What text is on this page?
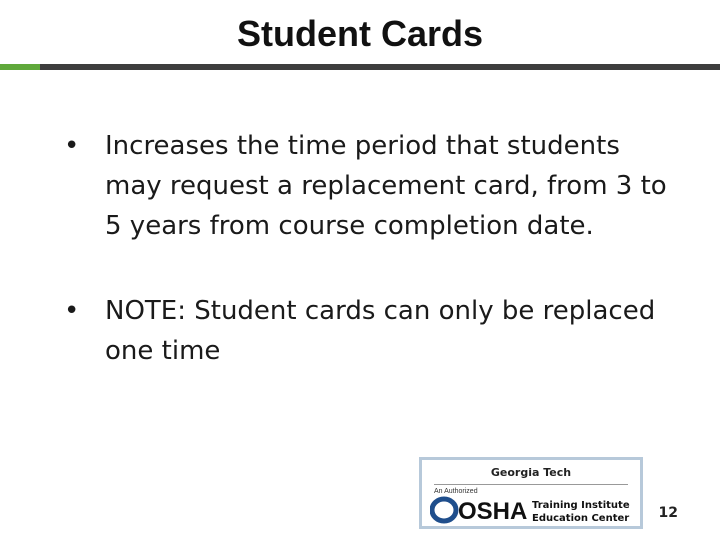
Student Cards
• Increases the time period that students may request a replacement card, from 3 to 5 years from course completion date.
• NOTE: Student cards can only be replaced one time
Georgia Tech
An Authorized
OSHA Training Institute
Education Center 12
